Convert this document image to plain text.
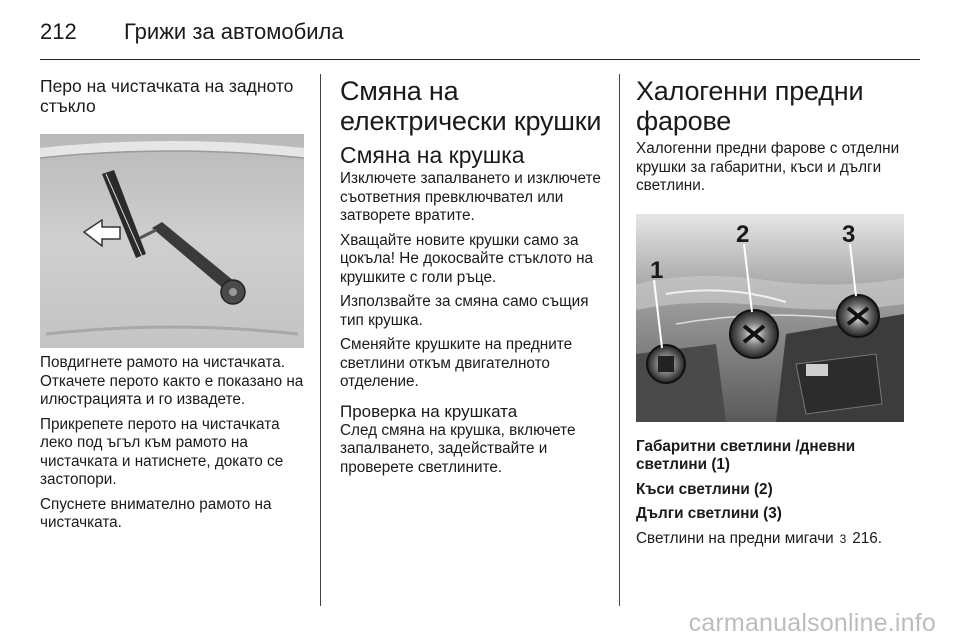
212 Грижи за автомобила
Перо на чистачката на задното стъкло

Повдигнете рамото на чистачката. Откачете перото както е показано на илюстрацията и го извадете.

Прикрепете перото на чистачката леко под ъгъл към рамото на чистачката и натиснете, докато се застопори.

Спуснете внимателно рамото на чистачката.

Смяна на електрически крушки
Смяна на крушка

Изключете запалването и изключете съответния превключвател или затворете вратите.

Хващайте новите крушки само за цокъла! Не докосвайте стъклото на крушките с голи ръце.

Използвайте за смяна само същия тип крушка.

Сменяйте крушките на предните светлини откъм двигателното отделение.

Проверка на крушката

След смяна на крушка, включете запалването, задействайте и проверете светлините.

Халогенни предни фарове

Халогенни предни фарове с отделни крушки за габаритни, къси и дълги светлини.

1
2	3

Габаритни светлини /дневни светлини (1)

Къси светлини (2)

Дълги светлини (3)

Светлини на предни мигачи 3 216.

carmanualsonline.info
